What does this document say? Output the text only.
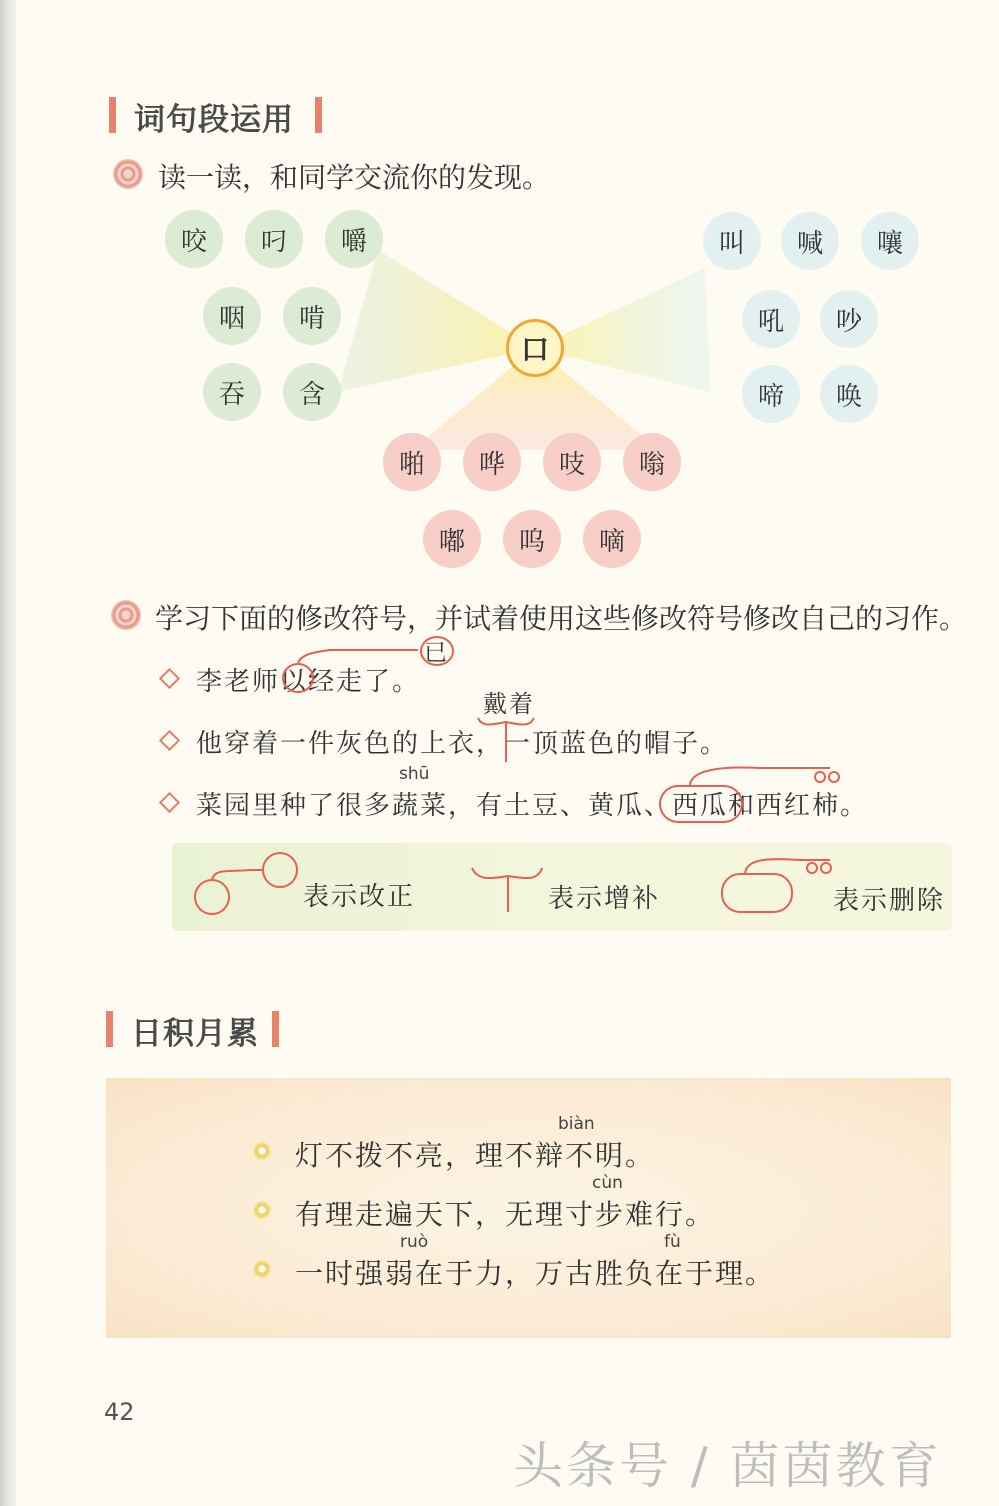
词句段运用
读一读，和同学交流你的发现。
咬	叼	嚼
咽	啃
吞	含
叫	喊	嚷
吼	吵
啼	唤
口
啪	哗	吱	嗡
嘟	呜	嘀
学习下面的修改符号，并试着使用这些修改符号修改自己的习作。
李老师以经走了。
已
他穿着一件灰色的上衣，一顶蓝色的帽子。
戴着
菜园里种了很多蔬菜，有土豆、黄瓜、西瓜和西红柿。
shū
表示改正	表示增补	表示删除
日积月累
灯不拨不亮，理不辩不明。
biàn
有理走遍天下，无理寸步难行。
cùn
一时强弱在于力，万古胜负在于理。
ruò	fù
42
头条号 / 茵茵教育
